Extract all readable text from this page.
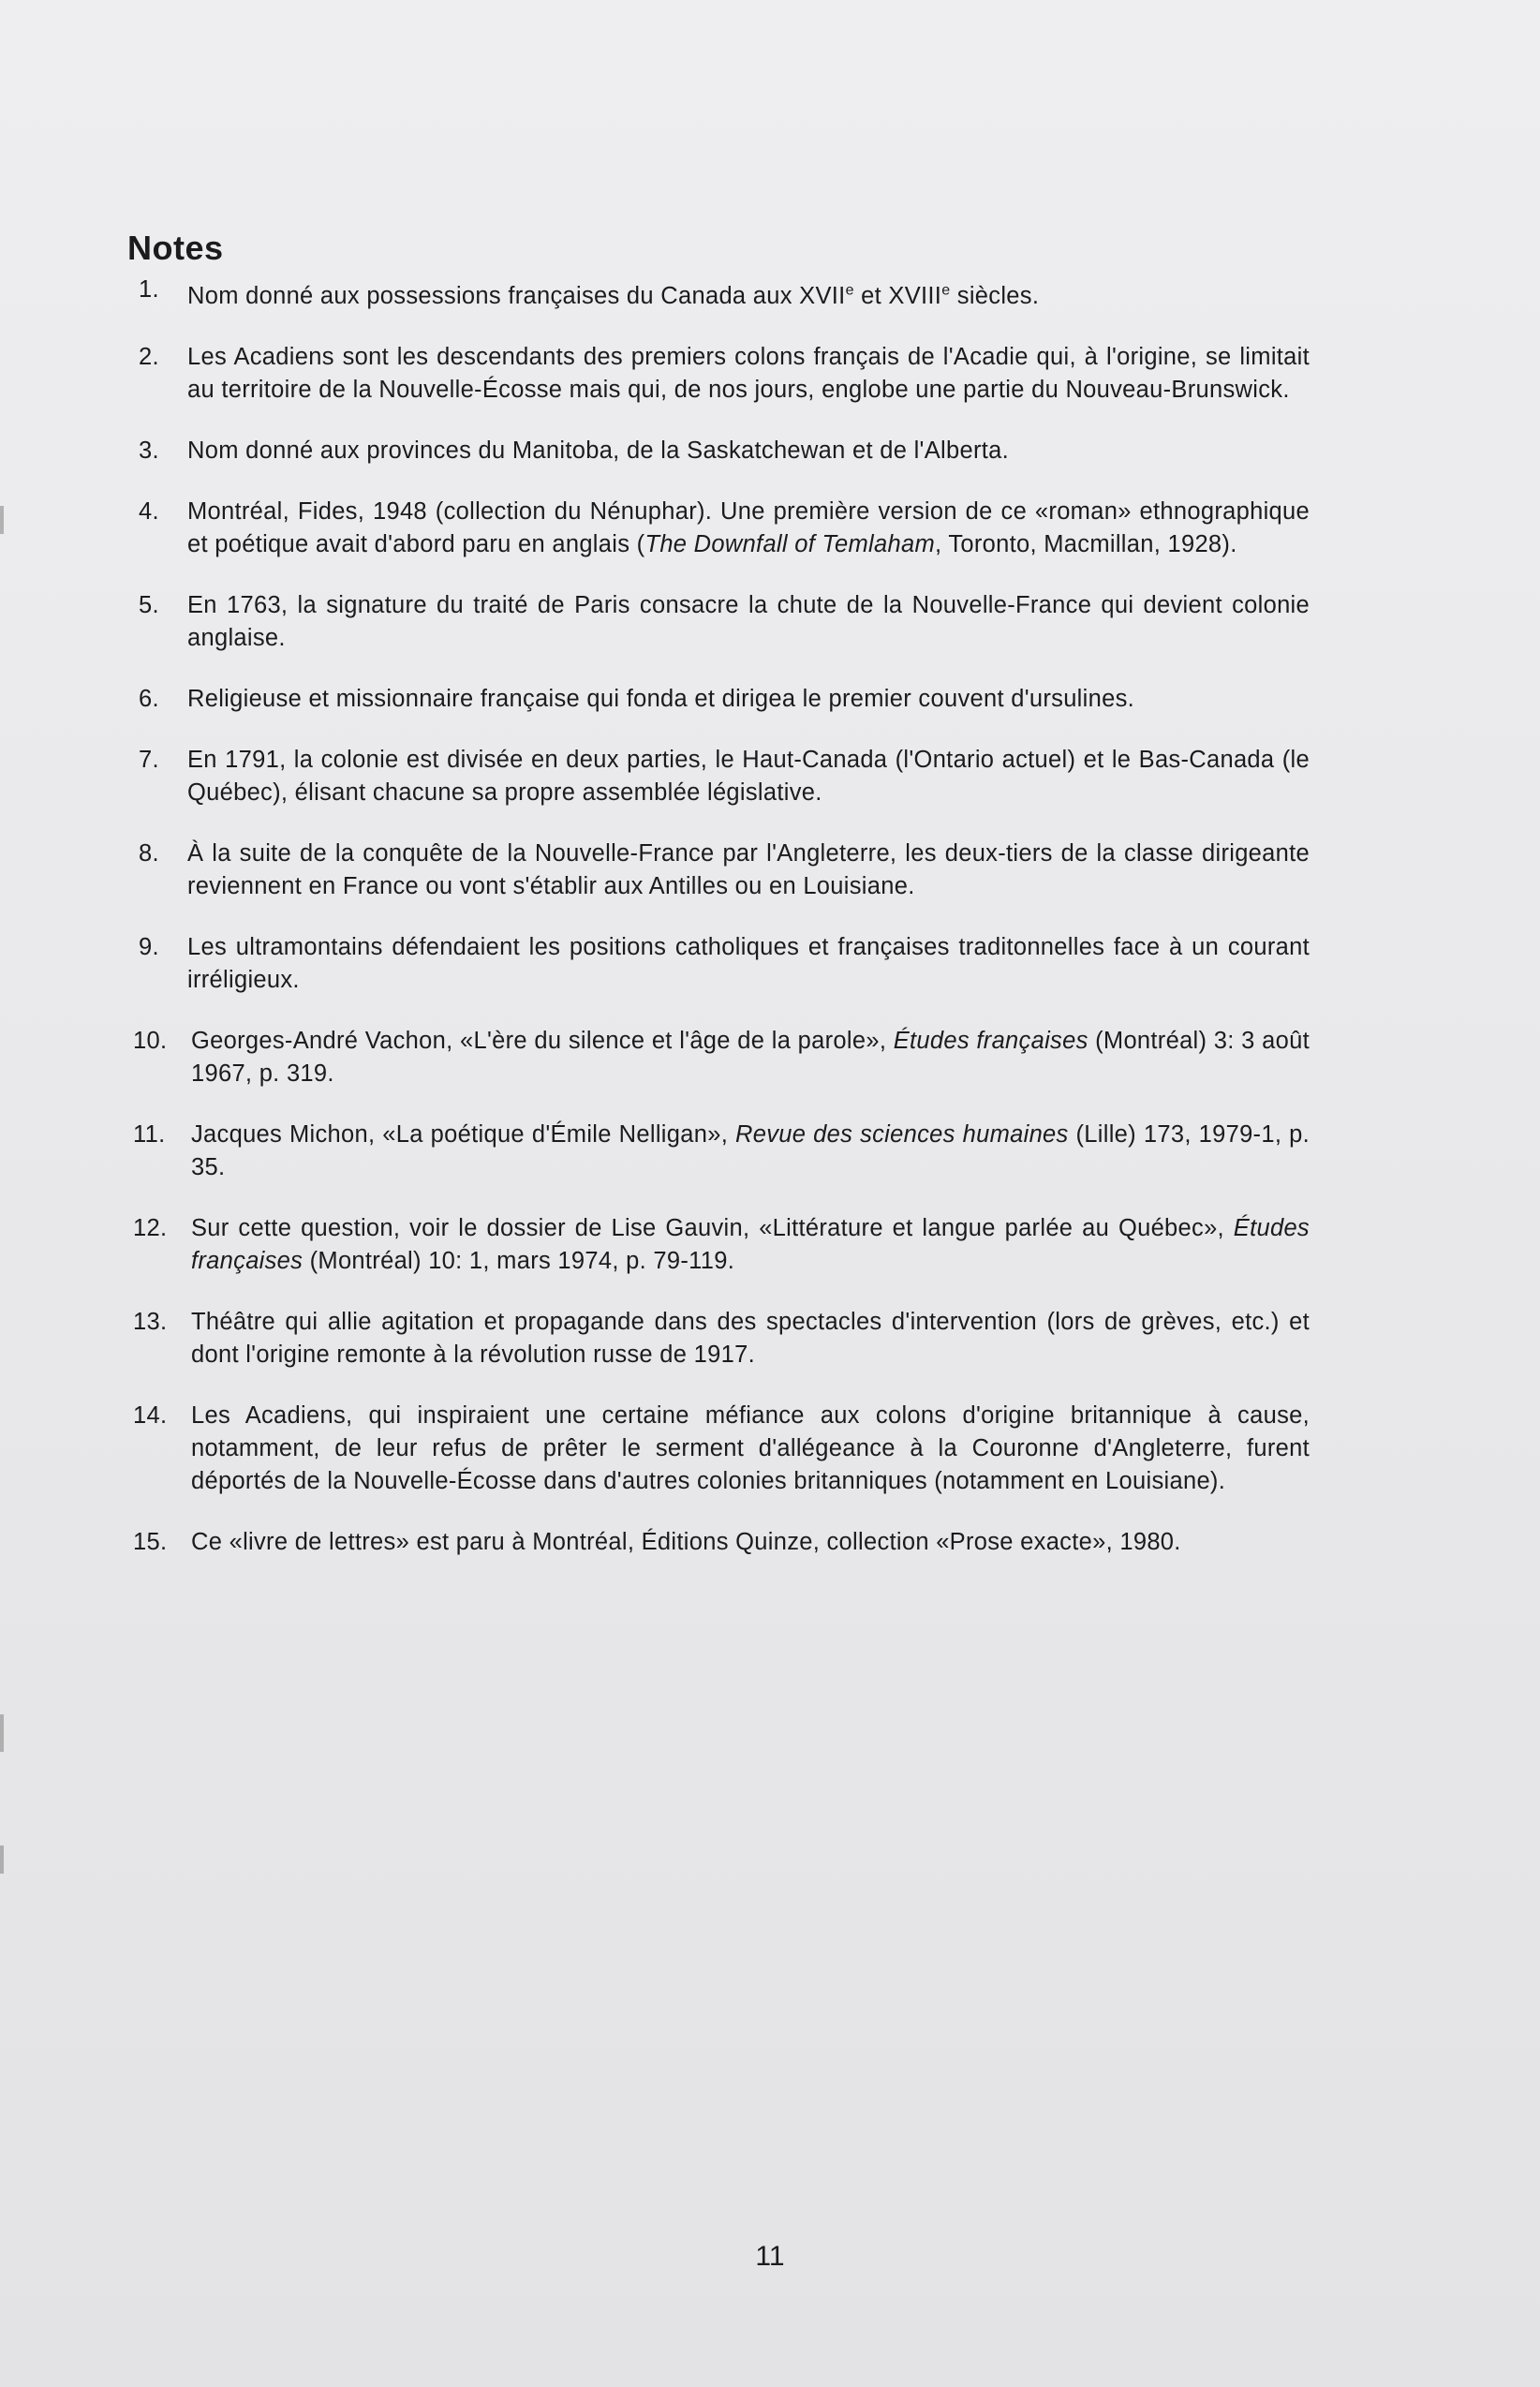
Notes
1. Nom donné aux possessions françaises du Canada aux XVIIe et XVIIIe siècles.
2. Les Acadiens sont les descendants des premiers colons français de l'Acadie qui, à l'origine, se limitait au territoire de la Nouvelle-Écosse mais qui, de nos jours, englobe une partie du Nouveau-Brunswick.
3. Nom donné aux provinces du Manitoba, de la Saskatchewan et de l'Alberta.
4. Montréal, Fides, 1948 (collection du Nénuphar). Une première version de ce «roman» ethnographique et poétique avait d'abord paru en anglais (The Downfall of Temlaham, Toronto, Macmillan, 1928).
5. En 1763, la signature du traité de Paris consacre la chute de la Nouvelle-France qui devient colonie anglaise.
6. Religieuse et missionnaire française qui fonda et dirigea le premier couvent d'ursulines.
7. En 1791, la colonie est divisée en deux parties, le Haut-Canada (l'Ontario actuel) et le Bas-Canada (le Québec), élisant chacune sa propre assemblée législative.
8. À la suite de la conquête de la Nouvelle-France par l'Angleterre, les deux-tiers de la classe dirigeante reviennent en France ou vont s'établir aux Antilles ou en Louisiane.
9. Les ultramontains défendaient les positions catholiques et françaises traditonnelles face à un courant irréligieux.
10. Georges-André Vachon, «L'ère du silence et l'âge de la parole», Études françaises (Montréal) 3: 3 août 1967, p. 319.
11. Jacques Michon, «La poétique d'Émile Nelligan», Revue des sciences humaines (Lille) 173, 1979-1, p. 35.
12. Sur cette question, voir le dossier de Lise Gauvin, «Littérature et langue parlée au Québec», Études françaises (Montréal) 10: 1, mars 1974, p. 79-119.
13. Théâtre qui allie agitation et propagande dans des spectacles d'intervention (lors de grèves, etc.) et dont l'origine remonte à la révolution russe de 1917.
14. Les Acadiens, qui inspiraient une certaine méfiance aux colons d'origine britannique à cause, notamment, de leur refus de prêter le serment d'allégeance à la Couronne d'Angleterre, furent déportés de la Nouvelle-Écosse dans d'autres colonies britanniques (notamment en Louisiane).
15. Ce «livre de lettres» est paru à Montréal, Éditions Quinze, collection «Prose exacte», 1980.
11
